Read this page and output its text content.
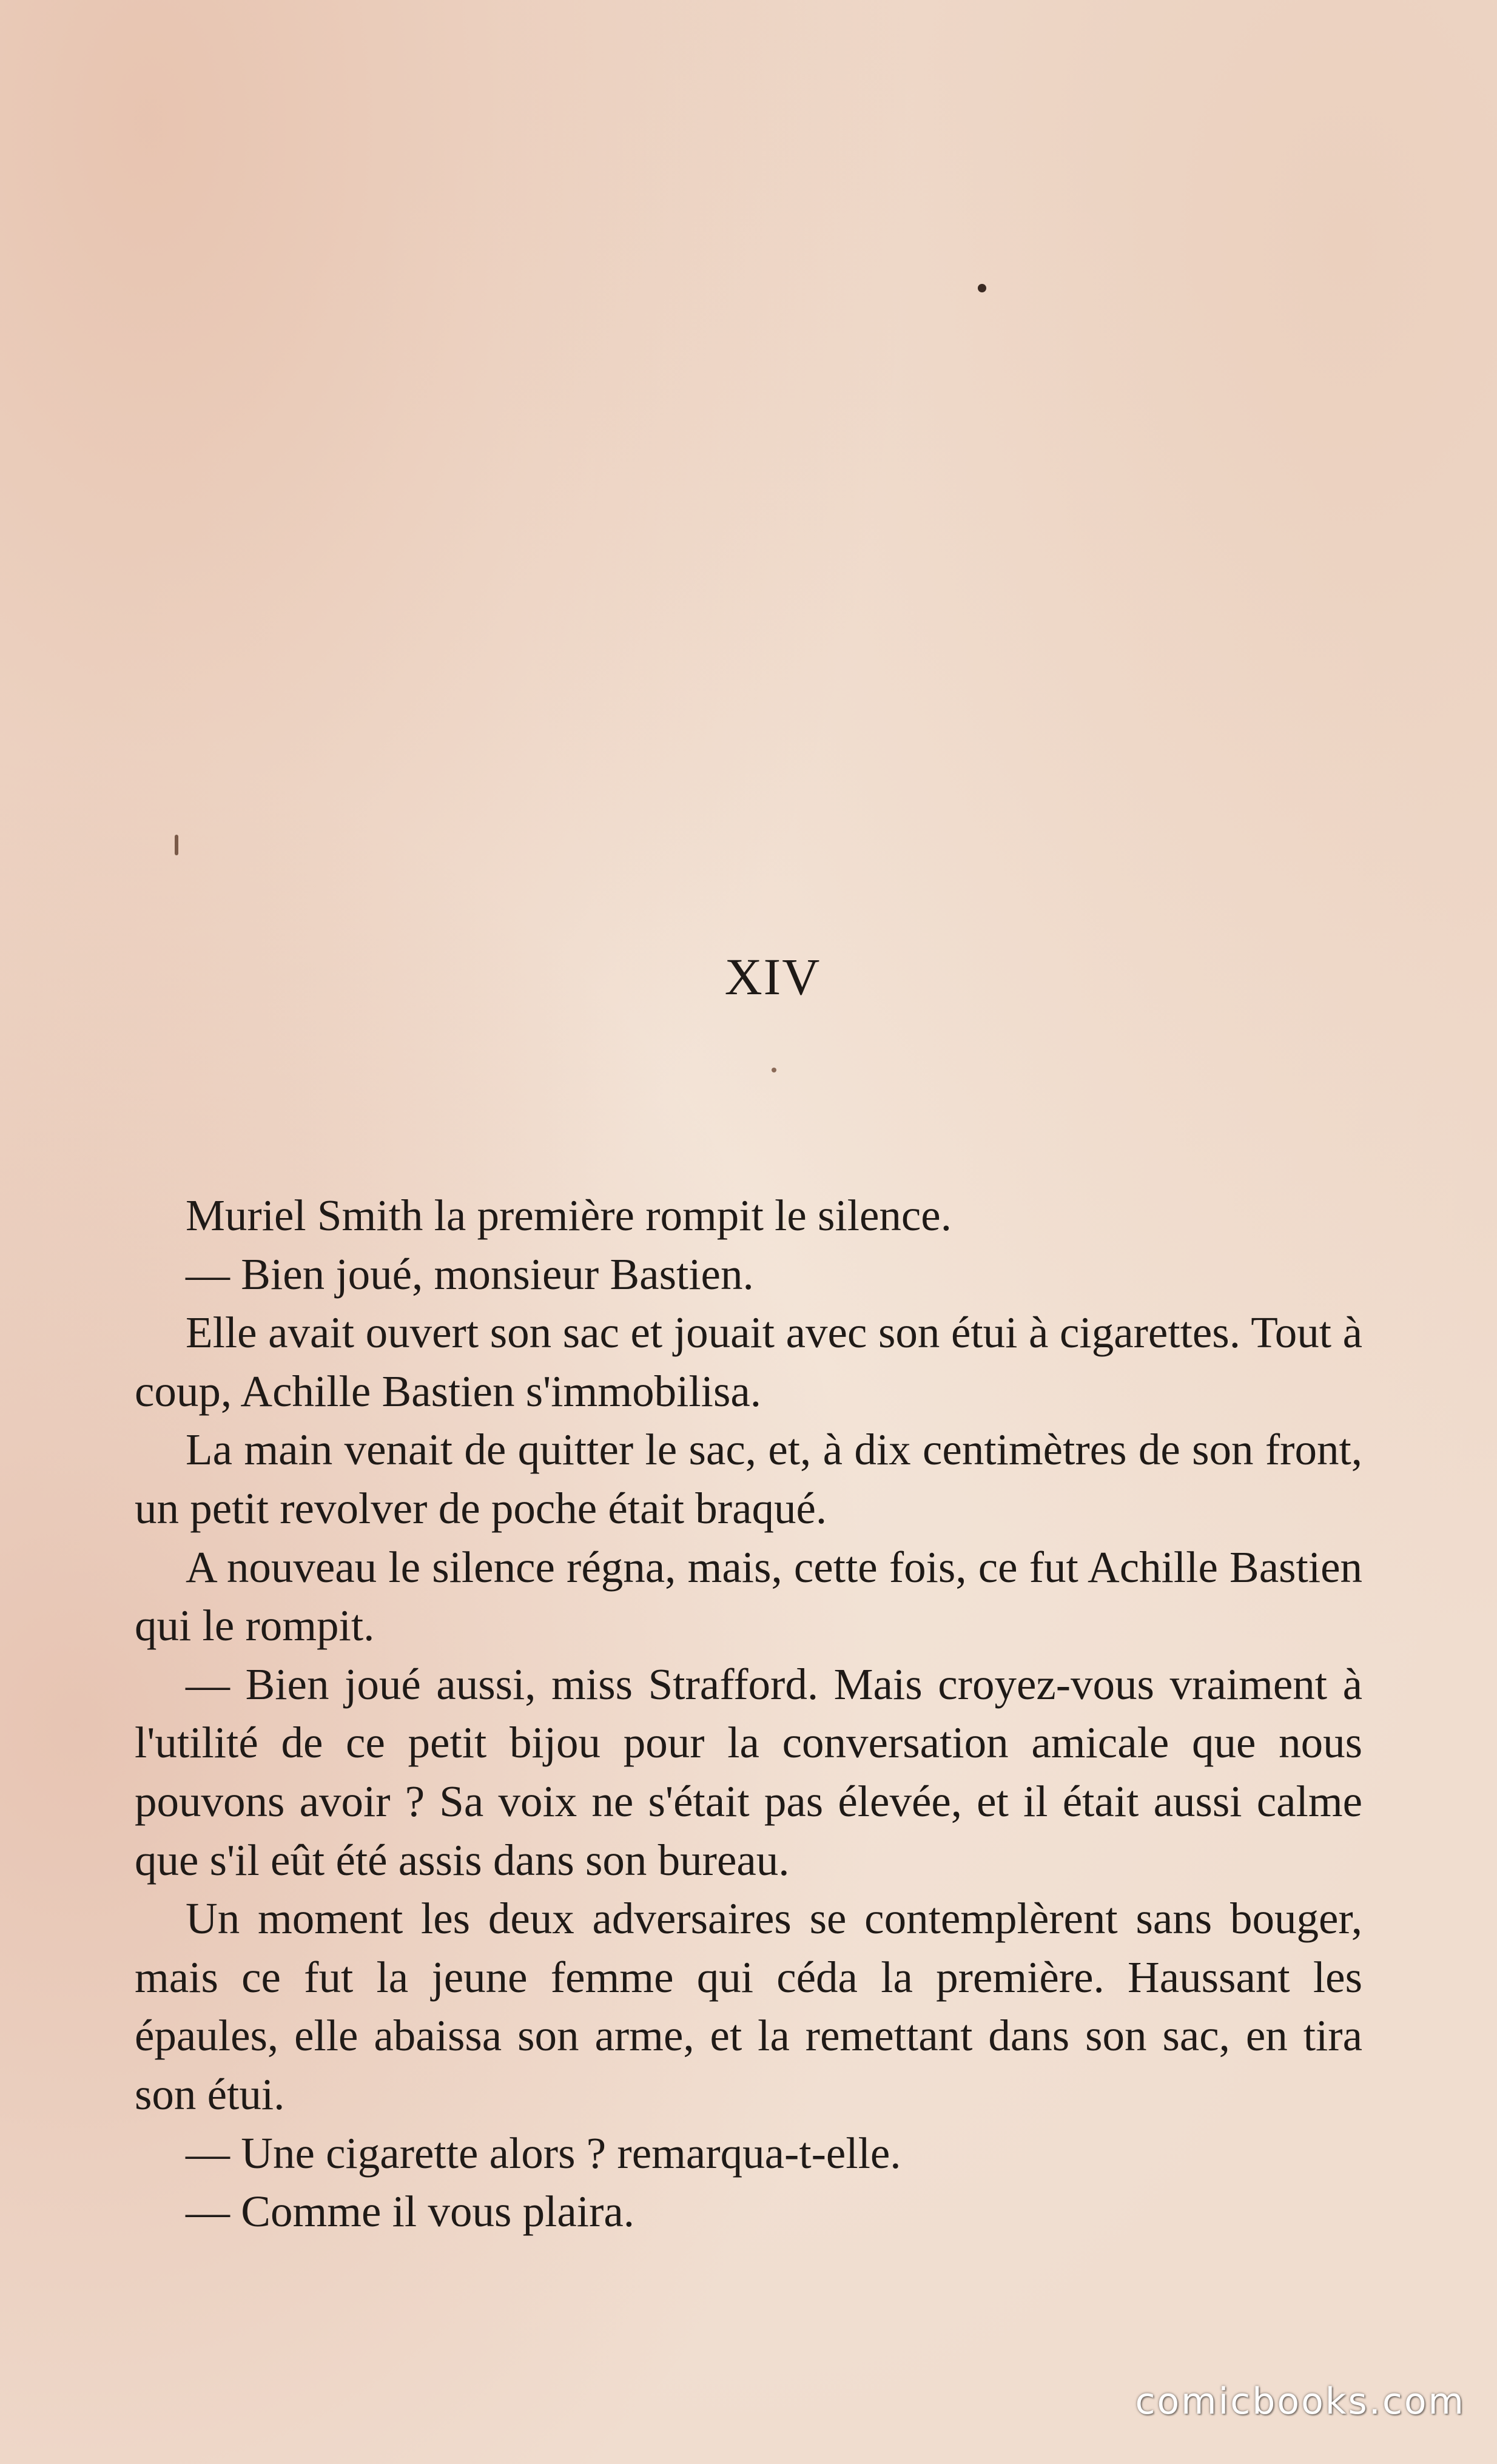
XIV

Muriel Smith la première rompit le silence.

— Bien joué, monsieur Bastien.

Elle avait ouvert son sac et jouait avec son étui à cigarettes. Tout à coup, Achille Bastien s'immobilisa.

La main venait de quitter le sac, et, à dix centimètres de son front, un petit revolver de poche était braqué.

A nouveau le silence régna, mais, cette fois, ce fut Achille Bastien qui le rompit.

— Bien joué aussi, miss Strafford. Mais croyez-vous vraiment à l'utilité de ce petit bijou pour la conversation amicale que nous pouvons avoir ? Sa voix ne s'était pas élevée, et il était aussi calme que s'il eût été assis dans son bureau.

Un moment les deux adversaires se contemplèrent sans bouger, mais ce fut la jeune femme qui céda la première. Haussant les épaules, elle abaissa son arme, et la remettant dans son sac, en tira son étui.

— Une cigarette alors ? remarqua-t-elle.

— Comme il vous plaira.

comicbooks.com
